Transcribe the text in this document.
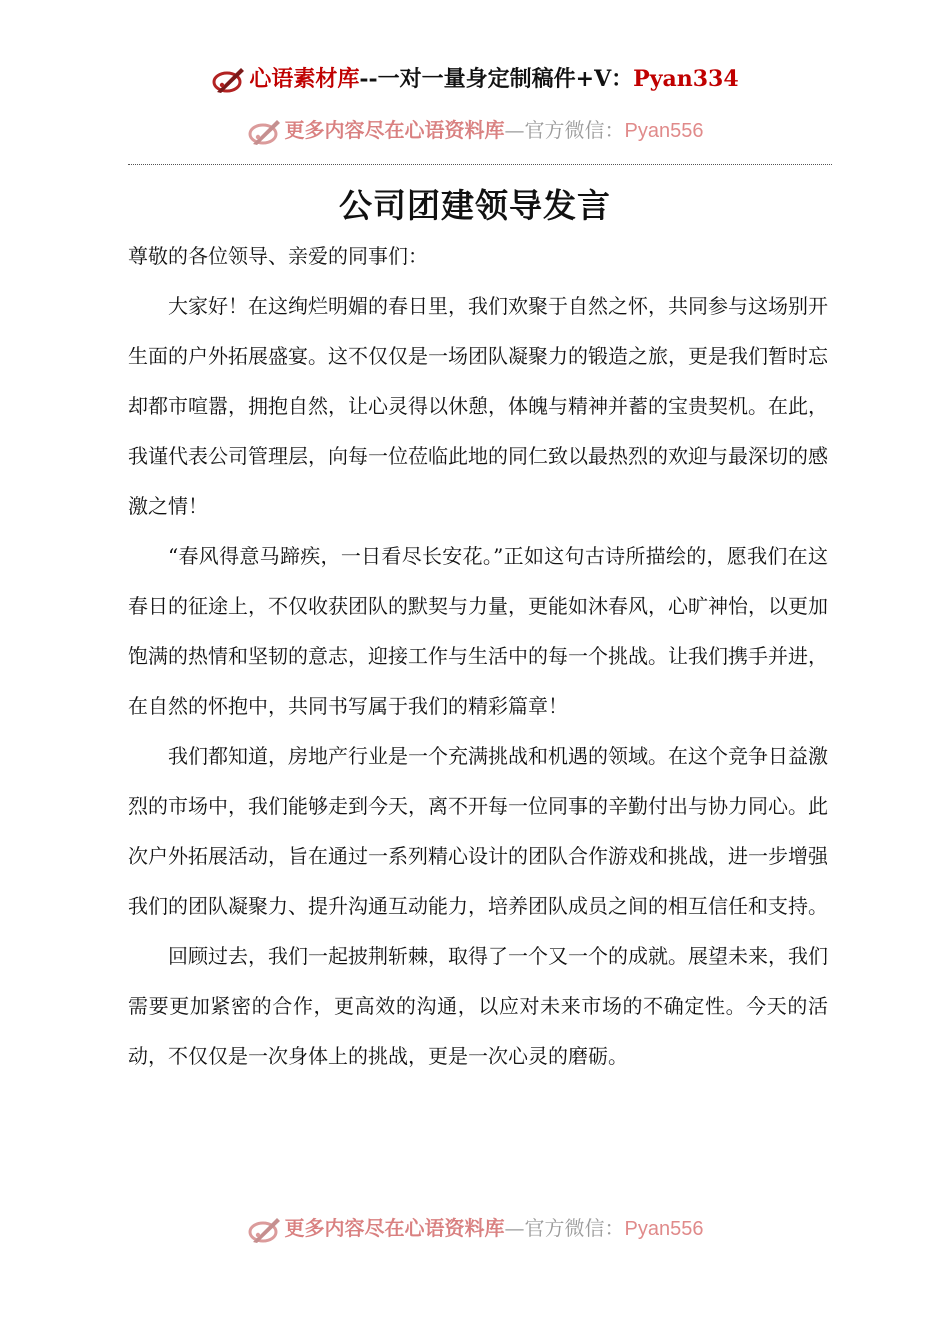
心语素材库--一对一量身定制稿件+V：Pyan334
更多内容尽在心语资料库—官方微信：Pyan556
公司团建领导发言

尊敬的各位领导、亲爱的同事们：

大家好！在这绚烂明媚的春日里，我们欢聚于自然之怀，共同参与这场别开生面的户外拓展盛宴。这不仅仅是一场团队凝聚力的锻造之旅，更是我们暂时忘却都市喧嚣，拥抱自然，让心灵得以休憩，体魄与精神并蓄的宝贵契机。在此，我谨代表公司管理层，向每一位莅临此地的同仁致以最热烈的欢迎与最深切的感激之情！

“春风得意马蹄疾，一日看尽长安花。”正如这句古诗所描绘的，愿我们在这春日的征途上，不仅收获团队的默契与力量，更能如沐春风，心旷神怡，以更加饱满的热情和坚韧的意志，迎接工作与生活中的每一个挑战。让我们携手并进，在自然的怀抱中，共同书写属于我们的精彩篇章！

我们都知道，房地产行业是一个充满挑战和机遇的领域。在这个竞争日益激烈的市场中，我们能够走到今天，离不开每一位同事的辛勤付出与协力同心。此次户外拓展活动，旨在通过一系列精心设计的团队合作游戏和挑战，进一步增强我们的团队凝聚力、提升沟通互动能力，培养团队成员之间的相互信任和支持。

回顾过去，我们一起披荆斩棘，取得了一个又一个的成就。展望未来，我们需要更加紧密的合作，更高效的沟通，以应对未来市场的不确定性。今天的活动，不仅仅是一次身体上的挑战，更是一次心灵的磨砺。

更多内容尽在心语资料库—官方微信：Pyan556
